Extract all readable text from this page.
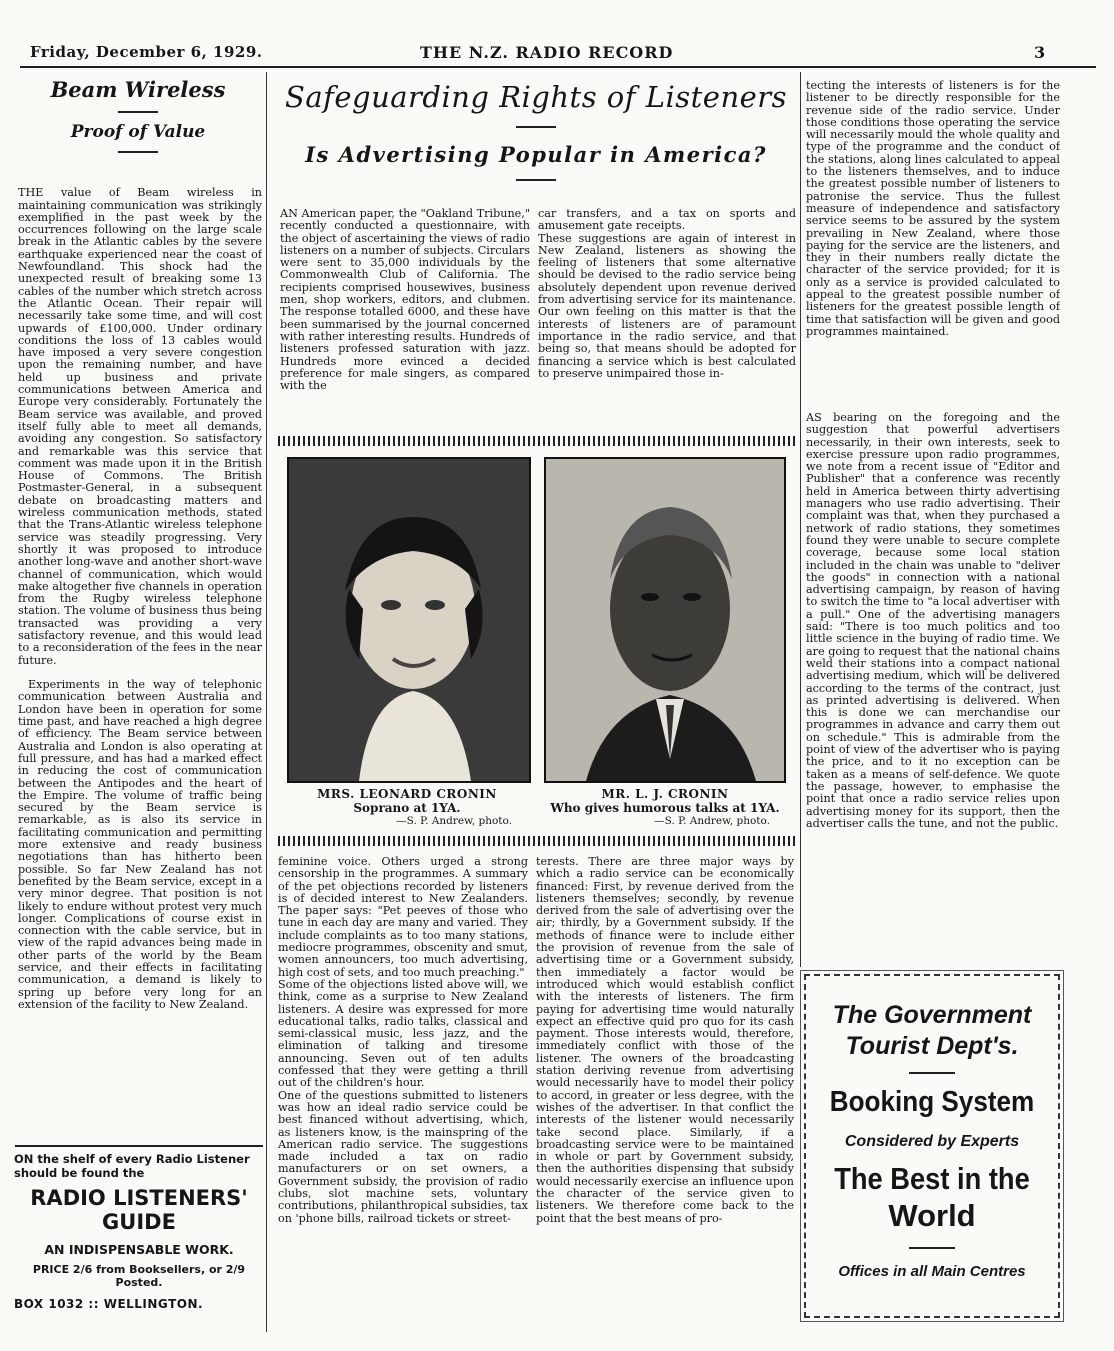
Friday, December 6, 1929.	THE N.Z. RADIO RECORD	3
Beam Wireless
Proof of Value

THE value of Beam wireless in maintaining communication was strikingly exemplified in the past week by the occurrences following on the large scale break in the Atlantic cables by the severe earthquake experienced near the coast of Newfoundland. This shock had the unexpected result of breaking some 13 cables of the number which stretch across the Atlantic Ocean. Their repair will necessarily take some time, and will cost upwards of £100,000. Under ordinary conditions the loss of 13 cables would have imposed a very severe congestion upon the remaining number, and have held up business and private communications between America and Europe very considerably. Fortunately the Beam service was available, and proved itself fully able to meet all demands, avoiding any congestion. So satisfactory and remarkable was this service that comment was made upon it in the British House of Commons. The British Postmaster-General, in a subsequent debate on broadcasting matters and wireless communication methods, stated that the Trans-Atlantic wireless telephone service was steadily progressing. Very shortly it was proposed to introduce another long-wave and another short-wave channel of communication, which would make altogether five channels in operation from the Rugby wireless telephone station. The volume of business thus being transacted was providing a very satisfactory revenue, and this would lead to a reconsideration of the fees in the near future.

Experiments in the way of telephonic communication between Australia and London have been in operation for some time past, and have reached a high degree of efficiency. The Beam service between Australia and London is also operating at full pressure, and has had a marked effect in reducing the cost of communication between the Antipodes and the heart of the Empire. The volume of traffic being secured by the Beam service is remarkable, as is also its service in facilitating communication and permitting more extensive and ready business negotiations than has hitherto been possible. So far New Zealand has not benefited by the Beam service, except in a very minor degree. That position is not likely to endure without protest very much longer. Complications of course exist in connection with the cable service, but in view of the rapid advances being made in other parts of the world by the Beam service, and their effects in facilitating communication, a demand is likely to spring up before very long for an extension of the facility to New Zealand.

ON the shelf of every Radio Listener should be found the
RADIO LISTENERS'
GUIDE
AN INDISPENSABLE WORK.
PRICE 2/6 from Booksellers, or 2/9 Posted.
BOX 1032 :: WELLINGTON.
Safeguarding Rights of Listeners
Is Advertising Popular in America?
AN American paper, the "Oakland Tribune," recently conducted a questionnaire, with the object of ascertaining the views of radio listeners on a number of subjects. Circulars were sent to 35,000 individuals by the Commonwealth Club of California. The recipients comprised housewives, business men, shop workers, editors, and clubmen. The response totalled 6000, and these have been summarised by the journal concerned with rather interesting results. Hundreds of listeners professed saturation with jazz. Hundreds more evinced a decided preference for male singers, as compared with the
car transfers, and a tax on sports and amusement gate receipts.
These suggestions are again of interest in New Zealand, listeners as showing the feeling of listeners that some alternative should be devised to the radio service being absolutely dependent upon revenue derived from advertising service for its maintenance. Our own feeling on this matter is that the interests of listeners are of paramount importance in the radio service, and that being so, that means should be adopted for financing a service which is best calculated to preserve unimpaired those in-
MRS. LEONARD CRONIN
Soprano at 1YA.
—S. P. Andrew, photo.
MR. L. J. CRONIN
Who gives humorous talks at 1YA.
—S. P. Andrew, photo.
feminine voice. Others urged a strong censorship in the programmes. A summary of the pet objections recorded by listeners is of decided interest to New Zealanders. The paper says: "Pet peeves of those who tune in each day are many and varied. They include complaints as to too many stations, mediocre programmes, obscenity and smut, women announcers, too much advertising, high cost of sets, and too much preaching."
Some of the objections listed above will, we think, come as a surprise to New Zealand listeners. A desire was expressed for more educational talks, radio talks, classical and semi-classical music, less jazz, and the elimination of talking and tiresome announcing. Seven out of ten adults confessed that they were getting a thrill out of the children's hour.
One of the questions submitted to listeners was how an ideal radio service could be best financed without advertising, which, as listeners know, is the mainspring of the American radio service. The suggestions made included a tax on radio manufacturers or on set owners, a Government subsidy, the provision of radio clubs, slot machine sets, voluntary contributions, philanthropical subsidies, tax on 'phone bills, railroad tickets or street-
terests. There are three major ways by which a radio service can be economically financed: First, by revenue derived from the listeners themselves; secondly, by revenue derived from the sale of advertising over the air; thirdly, by a Government subsidy. If the methods of finance were to include either the provision of revenue from the sale of advertising time or a Government subsidy, then immediately a factor would be introduced which would establish conflict with the interests of listeners. The firm paying for advertising time would naturally expect an effective quid pro quo for its cash payment. Those interests would, therefore, immediately conflict with those of the listener. The owners of the broadcasting station deriving revenue from advertising would necessarily have to model their policy to accord, in greater or less degree, with the wishes of the advertiser. In that conflict the interests of the listener would necessarily take second place. Similarly, if a broadcasting service were to be maintained in whole or part by Government subsidy, then the authorities dispensing that subsidy would necessarily exercise an influence upon the character of the service given to listeners. We therefore come back to the point that the best means of pro-
tecting the interests of listeners is for the listener to be directly responsible for the revenue side of the radio service. Under those conditions those operating the service will necessarily mould the whole quality and type of the programme and the conduct of the stations, along lines calculated to appeal to the listeners themselves, and to induce the greatest possible number of listeners to patronise the service. Thus the fullest measure of independence and satisfactory service seems to be assured by the system prevailing in New Zealand, where those paying for the service are the listeners, and they in their numbers really dictate the character of the service provided; for it is only as a service is provided calculated to appeal to the greatest possible number of listeners for the greatest possible length of time that satisfaction will be given and good programmes maintained.
AS bearing on the foregoing and the suggestion that powerful advertisers necessarily, in their own interests, seek to exercise pressure upon radio programmes, we note from a recent issue of "Editor and Publisher" that a conference was recently held in America between thirty advertising managers who use radio advertising. Their complaint was that, when they purchased a network of radio stations, they sometimes found they were unable to secure complete coverage, because some local station included in the chain was unable to "deliver the goods" in connection with a national advertising campaign, by reason of having to switch the time to "a local advertiser with a pull." One of the advertising managers said: "There is too much politics and too little science in the buying of radio time. We are going to request that the national chains weld their stations into a compact national advertising medium, which will be delivered according to the terms of the contract, just as printed advertising is delivered. When this is done we can merchandise our programmes in advance and carry them out on schedule." This is admirable from the point of view of the advertiser who is paying the price, and to it no exception can be taken as a means of self-defence. We quote the passage, however, to emphasise the point that once a radio service relies upon advertising money for its support, then the advertiser calls the tune, and not the public.
The Government
Tourist Dept's.
Booking System
Considered by Experts
The Best in the
World
Offices in all Main Centres
